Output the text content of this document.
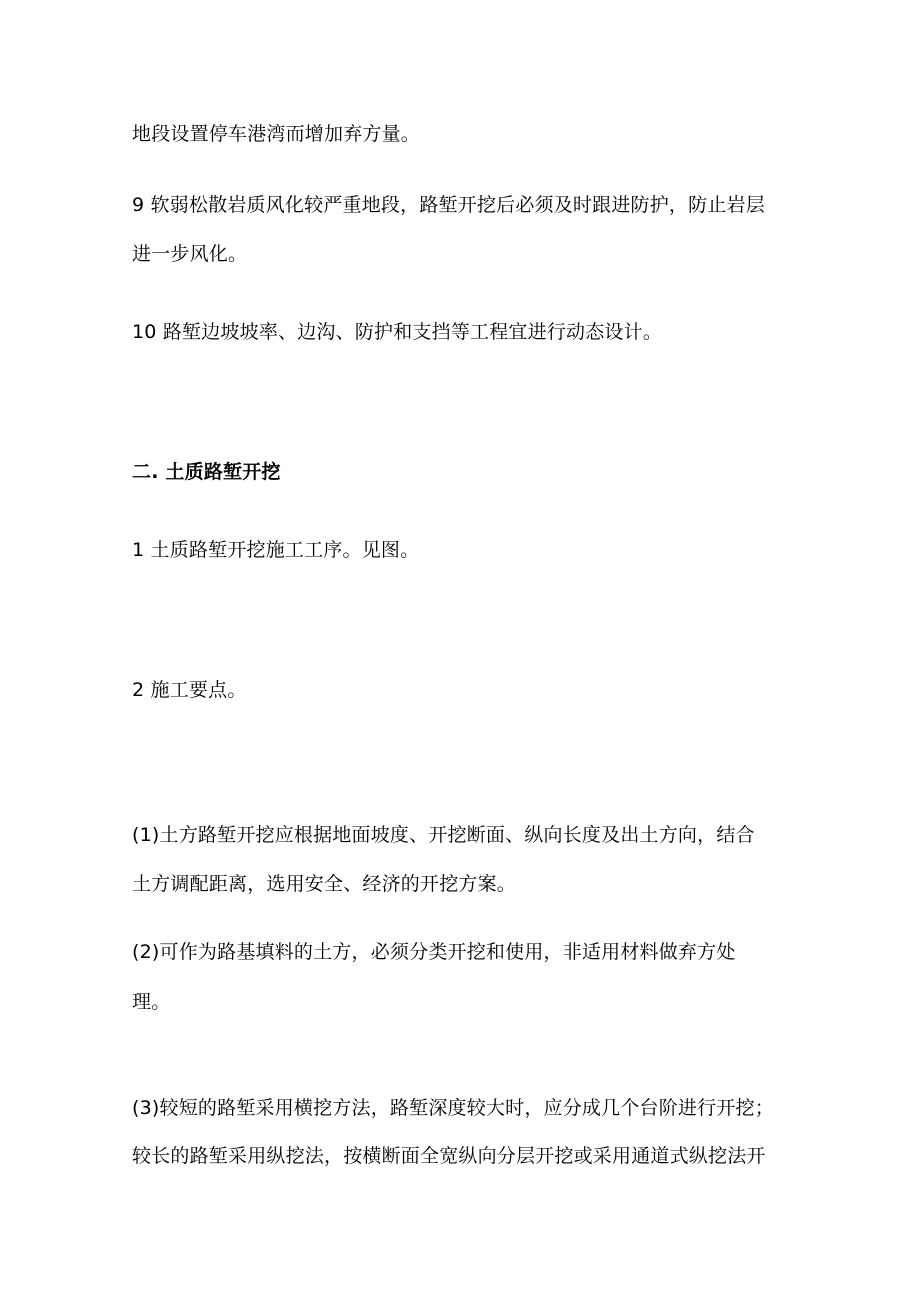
地段设置停车港湾而增加弃方量。
9 软弱松散岩质风化较严重地段，路堑开挖后必须及时跟进防护，防止岩层
进一步风化。
10 路堑边坡坡率、边沟、防护和支挡等工程宜进行动态设计。
二. 土质路堑开挖
1 土质路堑开挖施工工序。见图。
2 施工要点。
(1)土方路堑开挖应根据地面坡度、开挖断面、纵向长度及出土方向，结合
土方调配距离，选用安全、经济的开挖方案。
(2)可作为路基填料的土方，必须分类开挖和使用，非适用材料做弃方处
理。
(3)较短的路堑采用横挖方法，路堑深度较大时，应分成几个台阶进行开挖；
较长的路堑采用纵挖法，按横断面全宽纵向分层开挖或采用通道式纵挖法开
